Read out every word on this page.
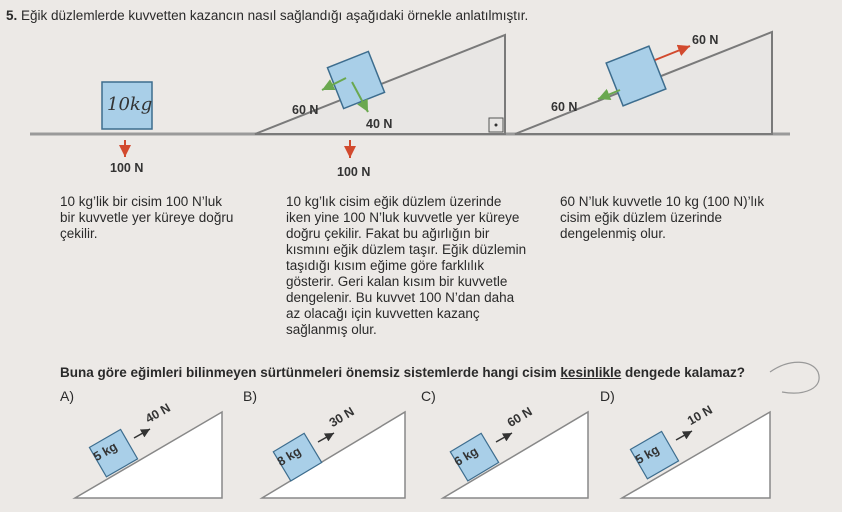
5. Eğik düzlemlerde kuvvetten kazancın nasıl sağlandığı aşağıdaki örnekle anlatılmıştır.
10kg
100 N
10 kg’lik bir cisim 100 N’luk
bir kuvvetle yer küreye doğru
çekilir.
60 N
40 N
100 N
10 kg’lık cisim eğik düzlem üzerinde
iken yine 100 N’luk kuvvetle yer küreye
doğru çekilir. Fakat bu ağırlığın bir
kısmını eğik düzlem taşır. Eğik düzlemin
taşıdığı kısım eğime göre farklılık
gösterir. Geri kalan kısım bir kuvvetle
dengelenir. Bu kuvvet 100 N’dan daha
az olacağı için kuvvetten kazanç
sağlanmış olur.
60 N
60 N
60 N’luk kuvvetle 10 kg (100 N)’lık
cisim eğik düzlem üzerinde
dengelenmiş olur.
Buna göre eğimleri bilinmeyen sürtünmeleri önemsiz sistemlerde hangi cisim kesinlikle dengede kalamaz?
A)	B)	C)	D)
5 kg
40 N
8 kg
30 N
6 kg
60 N
5 kg
10 N
